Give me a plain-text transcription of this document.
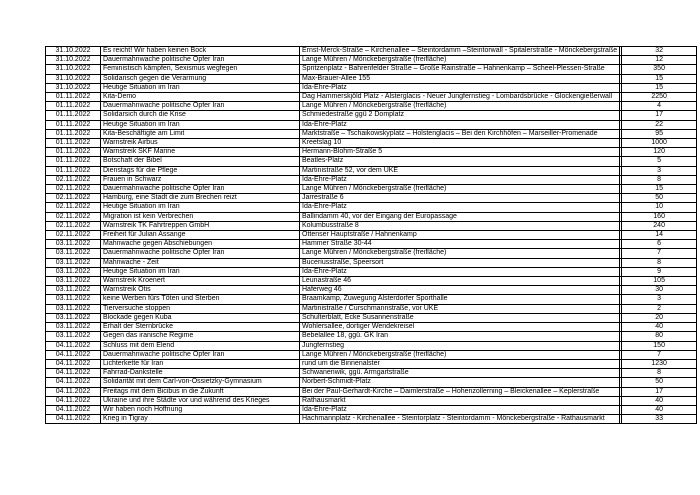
31.10.2022	Es reicht! Wir haben keinen Bock	Ernst-Merck-Straße – Kirchenallee – Steintordamm –Steintorwall - Spitalerstraße - Mönckebergstraße		32
31.10.2022	Dauermahnwache politische Opfer Iran	Lange Mühren / Mönckebergstraße (freifläche)		12
31.10.2022	Feministisch kämpfen, Sexismus wegfegen	Spritzenplatz - Bahrenfelder Straße – Große Rainstraße – Hahnenkamp – Scheel-Plessen-Straße		350
31.10.2022	Solidarisch gegen die Verarmung	Max-Brauer-Allee 155		15
31.10.2022	Heutige Situation im Iran	Ida-Ehre-Platz		15
01.11.2022	Kita-Demo	Dag Hammerskjöld Platz - Alsterglacis - Neuer Jungfernstieg - Lombardsbrücke - Glockengießerwall		2250
01.11.2022	Dauermahnwache politische Opfer Iran	Lange Mühren / Mönckebergstraße (freifläche)		4
01.11.2022	Solidarsich durch die Krise	Schmiedestraße ggü 2 Domplatz		17
01.11.2022	Heutige Situation im Iran	Ida-Ehre-Platz		22
01.11.2022	Kita-Beschäftigte am Limit	Marktstraße – Tschaikowskyplatz – Holstenglacis – Bei den Kirchhöfen – Marseiller-Promenade		95
01.11.2022	Warnstreik Airbus	Kreetslag 10		1000
01.11.2022	Warnstreik SKF Marine	Hermann-Blohm-Straße 5		120
01.11.2022	Botschaft der Bibel	Beatles-Platz		5
01.11.2022	Dienstags für die Pflege	Martinistraße 52, vor dem UKE		3
02.11.2022	Frauen in Schwarz	Ida-Ehre-Platz		8
02.11.2022	Dauermahnwache politische Opfer Iran	Lange Mühren / Mönckebergstraße (freifläche)		15
02.11.2022	Hamburg, eine Stadt die zum Brechen reizt	Jarrestraße 6		50
02.11.2022	Heutige Situation im Iran	Ida-Ehre-Platz		10
02.11.2022	Migration ist kein Verbrechen	Ballindamm 40, vor der Eingang der Europassage		160
02.11.2022	Warnstreik TK Fahrtreppen GmbH	Kolumbusstraße 8		240
02.11.2022	Freiheit für Julian Assange	Ottenser Hauptstraße / Hahnenkamp		14
03.11.2022	Mahnwache gegen Abschiebungen	Hammer Straße 30-44		6
03.11.2022	Dauermahnwache politische Opfer Iran	Lange Mühren / Mönckebergstraße (freifläche)		7
03.11.2022	Mahnwache - Zeit	Buceriusstraße, Speersort		8
03.11.2022	Heutige Situation im Iran	Ida-Ehre-Platz		9
03.11.2022	Warnstreik Kroenert	Leunastraße 46		105
03.11.2022	Warnstreik Otis	Haferweg 46		30
03.11.2022	keine Werben fürs Töten und Sterben	Braamkamp, Zuwegung Alsterdorfer Sporthalle		3
03.11.2022	Tierversuche stoppen	Martinistraße / Curschmannstraße, vor UKE		2
03.11.2022	Blockade gegen Kuba	Schulterblatt, Ecke Susannenstraße		20
03.11.2022	Erhalt der Sternbrücke	Wohlersallee, dortiger Wendekreisel		40
03.11.2022	Gegen das iranische Regime	Bebelallee 18, ggü. GK Iran		80
04.11.2022	Schluss mit dem Elend	Jungfernstieg		150
04.11.2022	Dauermahnwache politische Opfer Iran	Lange Mühren / Mönckebergstraße (freifläche)		7
04.11.2022	Lichterkette für Iran	rund um die Binnenalster		1230
04.11.2022	Fahrrad-Dankstelle	Schwanenwik, ggü. Armgartstraße		8
04.11.2022	Solidarität mit dem Carl-von-Ossietzky-Gymnasium	Norbert-Schmidt-Platz		50
04.11.2022	Freitags mit dem Bicibus in die Zukunft	Bei der Paul-Gerhardt-Kirche – Daimlerstraße – Hohenzollerning – Bleickenallee – Keplerstraße		17
04.11.2022	Ukraine und ihre Städte vor und während des Krieges	Rathausmarkt		40
04.11.2022	Wir haben noch Hoffnung	Ida-Ehre-Platz		40
04.11.2022	Krieg in Tigray	Hachmannplatz - Kirchenallee - Steintorplatz - Steintordamm - Mönckebergstraße - Rathausmarkt		33
